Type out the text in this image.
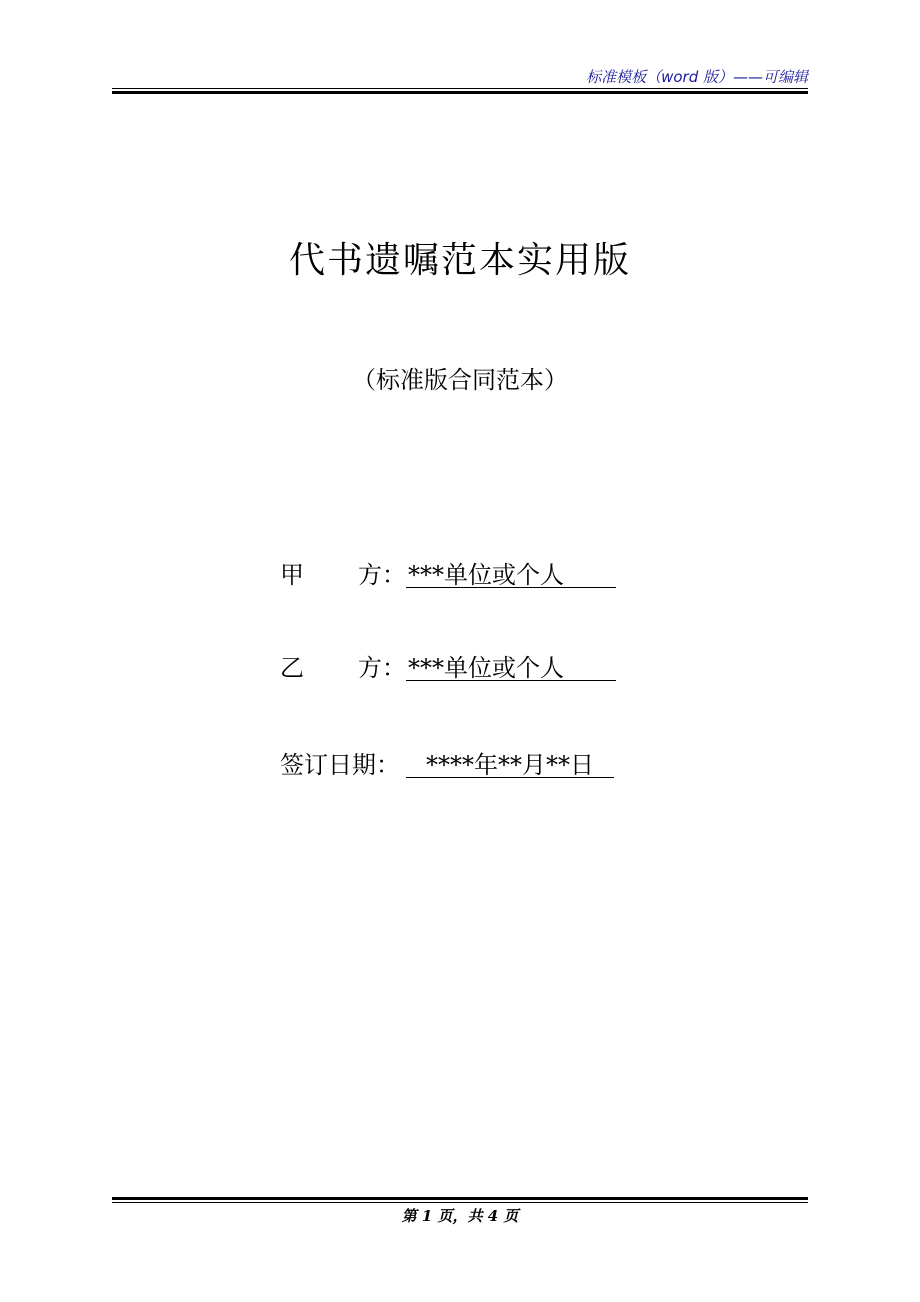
标准模板（word 版）——可编辑
代书遗嘱范本实用版
（标准版合同范本）
甲 方： ***单位或个人
乙 方： ***单位或个人
签订日期：	****年**月**日
第 1 页，共 4 页
